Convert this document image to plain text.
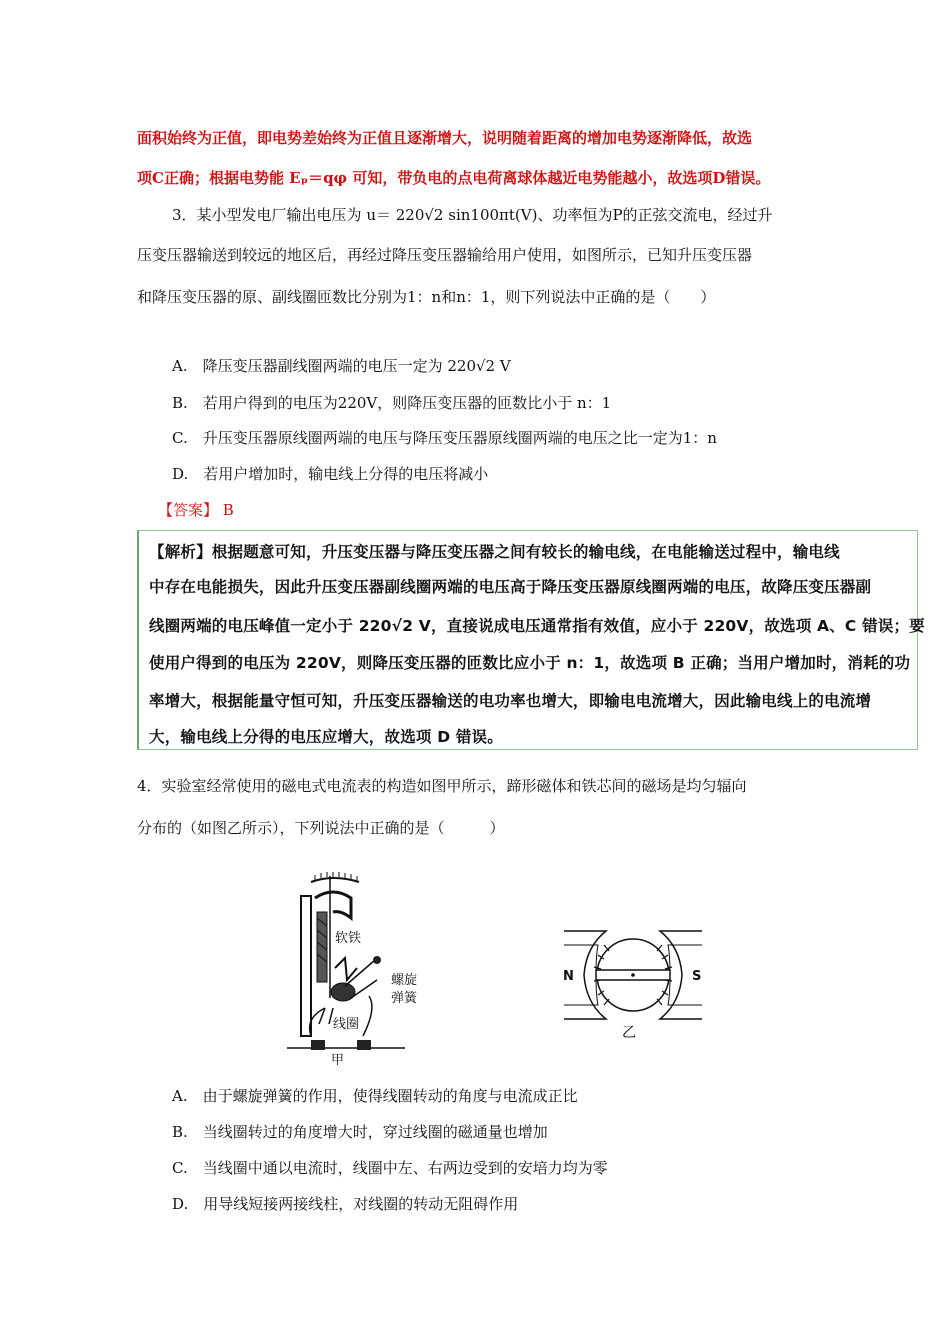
面积始终为正值，即电势差始终为正值且逐渐增大，说明随着距离的增加电势逐渐降低，故选
项C正确；根据电势能 Eₚ＝qφ 可知，带负电的点电荷离球体越近电势能越小，故选项D错误。
3．某小型发电厂输出电压为 u＝ 220√2 sin100πt(V)、功率恒为P的正弦交流电，经过升
压变压器输送到较远的地区后，再经过降压变压器输给用户使用，如图所示，已知升压变压器
和降压变压器的原、副线圈匝数比分别为1：n和n：1，则下列说法中正确的是（　　）
A.　降压变压器副线圈两端的电压一定为 220√2 V
B.　若用户得到的电压为220V，则降压变压器的匝数比小于 n：1
C.　升压变压器原线圈两端的电压与降压变压器原线圈两端的电压之比一定为1：n
D.　若用户增加时，输电线上分得的电压将减小
【答案】 B
【解析】根据题意可知，升压变压器与降压变压器之间有较长的输电线，在电能输送过程中，输电线
中存在电能损失，因此升压变压器副线圈两端的电压高于降压变压器原线圈两端的电压，故降压变压器副
线圈两端的电压峰值一定小于 220√2 V，直接说成电压通常指有效值，应小于 220V，故选项 A、C 错误；要
使用户得到的电压为 220V，则降压变压器的匝数比应小于 n：1，故选项 B 正确；当用户增加时，消耗的功
率增大，根据能量守恒可知，升压变压器输送的电功率也增大，即输电电流增大，因此输电线上的电流增
大，输电线上分得的电压应增大，故选项 D 错误。
4．实验室经常使用的磁电式电流表的构造如图甲所示，蹄形磁体和铁芯间的磁场是均匀辐向
分布的（如图乙所示），下列说法中正确的是（　　　）
软铁
螺旋
弹簧
线圈
甲
N	S
乙
A.　由于螺旋弹簧的作用，使得线圈转动的角度与电流成正比
B.　当线圈转过的角度增大时，穿过线圈的磁通量也增加
C.　当线圈中通以电流时，线圈中左、右两边受到的安培力均为零
D.　用导线短接两接线柱，对线圈的转动无阻碍作用
